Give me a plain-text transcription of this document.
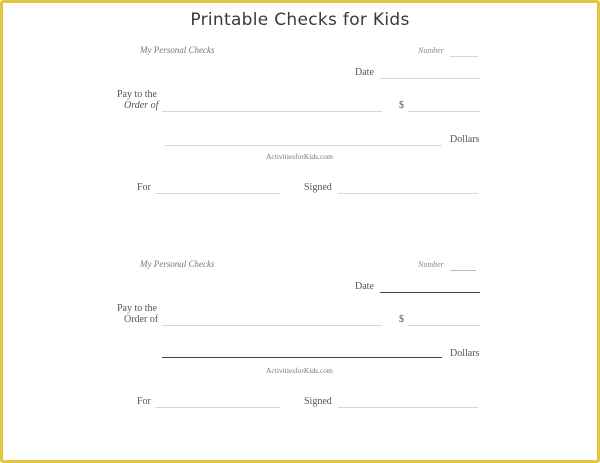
Printable Checks for Kids
My Personal Checks	Number
Date
Pay to the
Order of	$
Dollars
ActivitiesforKids.com
For	Signed
My Personal Checks	Number
Date
Pay to the
Order of	$
Dollars
ActivitiesforKids.com
For	Signed
